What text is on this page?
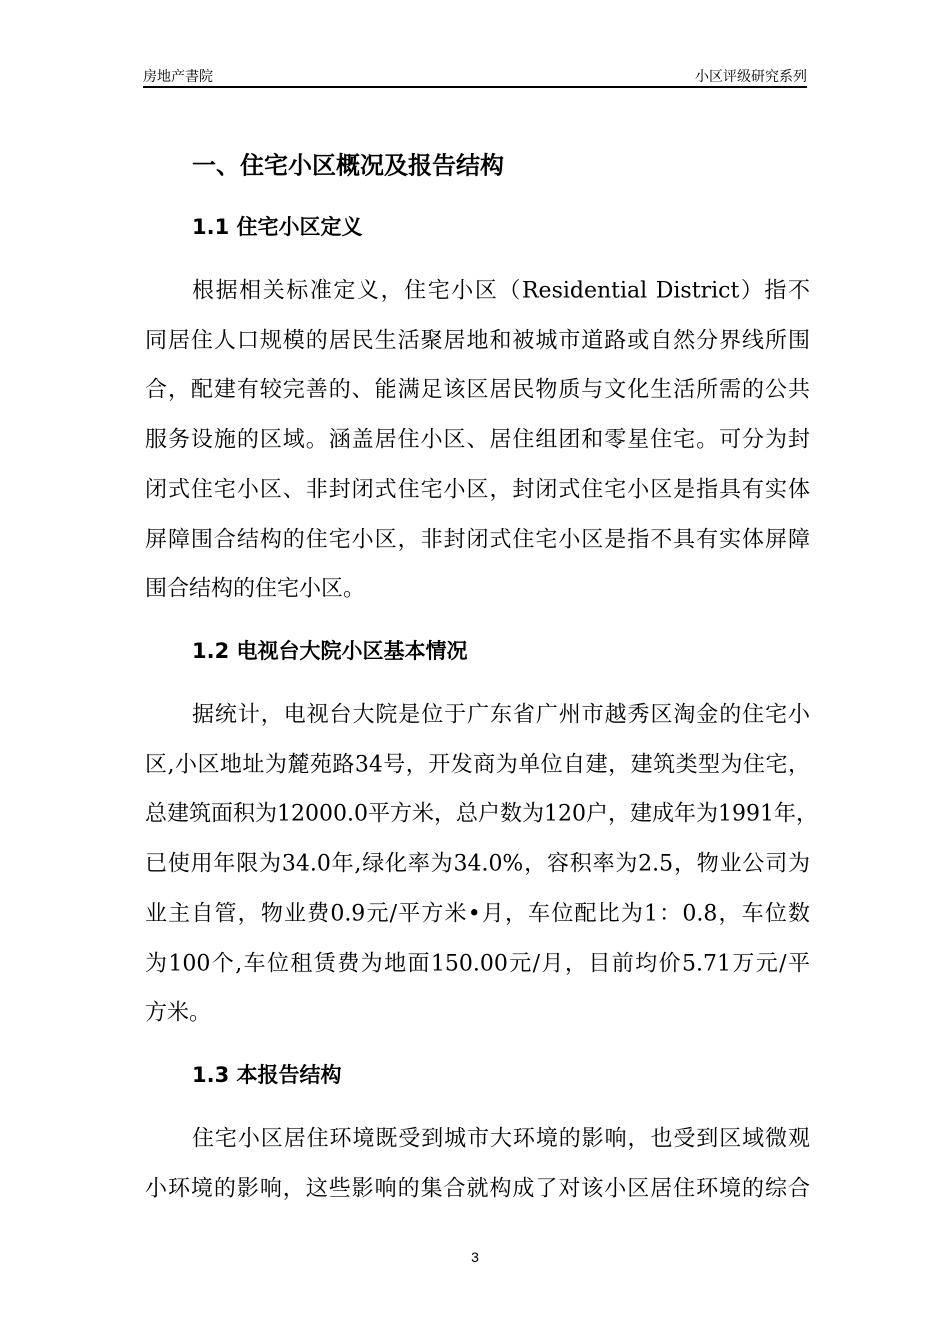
房地产書院	小区评级研究系列
一、住宅小区概况及报告结构
1.1 住宅小区定义
根据相关标准定义，住宅小区（Residential District）指不
同居住人口规模的居民生活聚居地和被城市道路或自然分界线所围
合，配建有较完善的、能满足该区居民物质与文化生活所需的公共
服务设施的区域。涵盖居住小区、居住组团和零星住宅。可分为封
闭式住宅小区、非封闭式住宅小区，封闭式住宅小区是指具有实体
屏障围合结构的住宅小区，非封闭式住宅小区是指不具有实体屏障
围合结构的住宅小区。
1.2 电视台大院小区基本情况
据统计，电视台大院是位于广东省广州市越秀区淘金的住宅小
区,小区地址为麓苑路34号，开发商为单位自建，建筑类型为住宅，
总建筑面积为12000.0平方米，总户数为120户，建成年为1991年，
已使用年限为34.0年,绿化率为34.0%，容积率为2.5，物业公司为
业主自管，物业费0.9元/平方米•月，车位配比为1：0.8，车位数
为100个,车位租赁费为地面150.00元/月，目前均价5.71万元/平
方米。
1.3 本报告结构
住宅小区居住环境既受到城市大环境的影响，也受到区域微观
小环境的影响，这些影响的集合就构成了对该小区居住环境的综合
3
